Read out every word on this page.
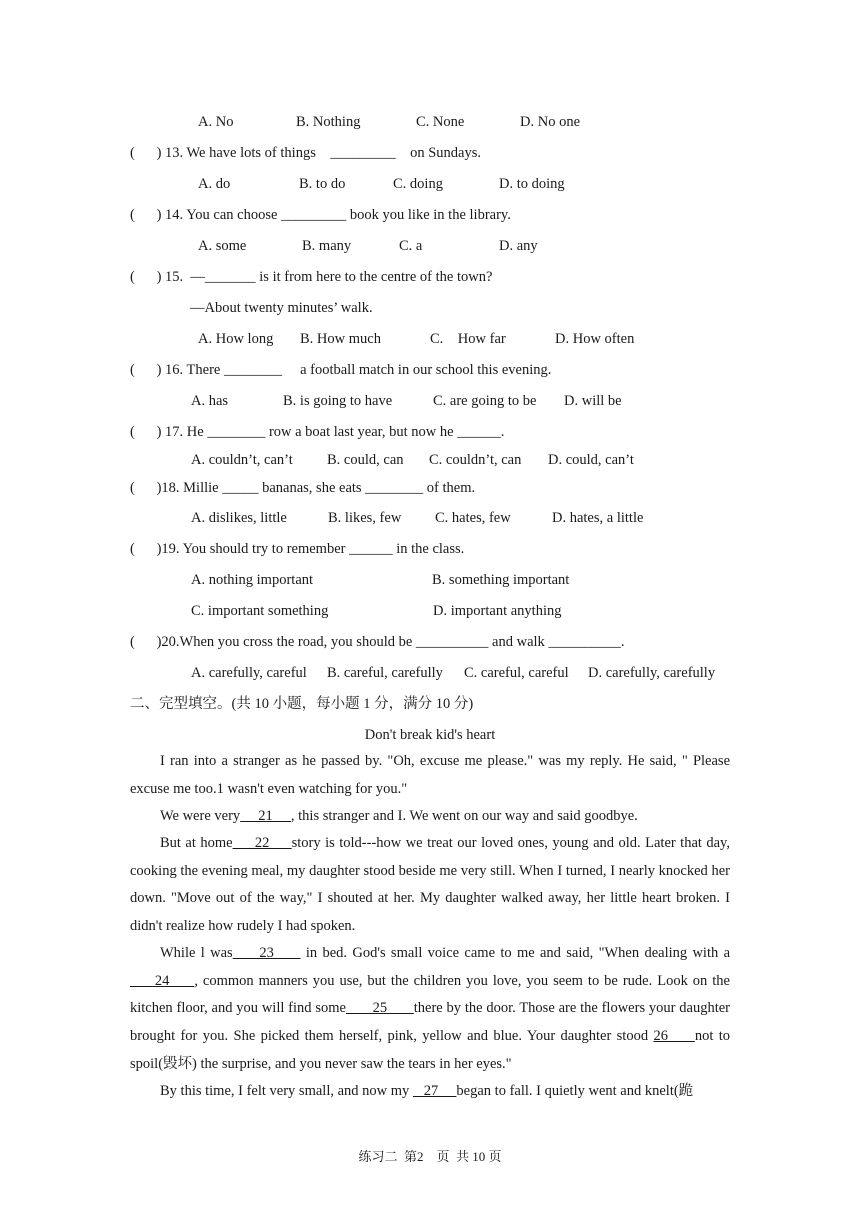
A. No	B. Nothing	C. None	D. No one
(      ) 13. We have lots of things    _________    on Sundays.
A. do	B. to do	C. doing	D. to doing
(      ) 14. You can choose _________ book you like in the library.
A. some	B. many	C. a	D. any
(      ) 15.  —_______ is it from here to the centre of the town?
—About twenty minutes’ walk.
A. How long B. How much	C.    How far	D. How often
(      ) 16. There ________     a football match in our school this evening.
A. has	B. is going to have	C. are going to be D. will be
(      ) 17. He ________ row a boat last year, but now he ______.
A. couldn’t, can’t B. could, can C. couldn’t, can D. could, can’t
(      )18. Millie _____ bananas, she eats ________ of them.
A. dislikes, little	B. likes, few C. hates, few	D. hates, a little
(      )19. You should try to remember ______ in the class.
A. nothing important	B. something important
C. important something	D. important anything
(      )20.When you cross the road, you should be __________ and walk __________.
A. carefully, careful B. careful, carefully C. careful, careful D. carefully, carefully
二、完型填空。(共 10 小题，每小题 1 分，满分 10 分)
Don't break kid's heart
I ran into a stranger as he passed by. "Oh, excuse me please." was my reply. He said, " Please excuse me too.1 wasn't even watching for you."
We were very     21     , this stranger and I. We went on our way and said goodbye.
But at home     22     story is told---how we treat our loved ones, young and old. Later that day, cooking the evening meal, my daughter stood beside me very still. When I turned, I nearly knocked her down. "Move out of the way," I shouted at her. My daughter walked away, her little heart broken. I didn't realize how rudely I had spoken.
While l was     23      in bed. God's small voice came to me and said, "When dealing with a      24     , common manners you use, but the children you love, you seem to be rude. Look on the kitchen floor, and you will find some       25       there by the door. Those are the flowers your daughter brought for you. She picked them herself, pink, yellow and blue. Your daughter stood 26     not to spoil(毁坏) the surprise, and you never saw the tears in her eyes."
By this time, I felt very small, and now my    27     began to fall. I quietly went and knelt(跪
练习二  第2    页  共 10 页
